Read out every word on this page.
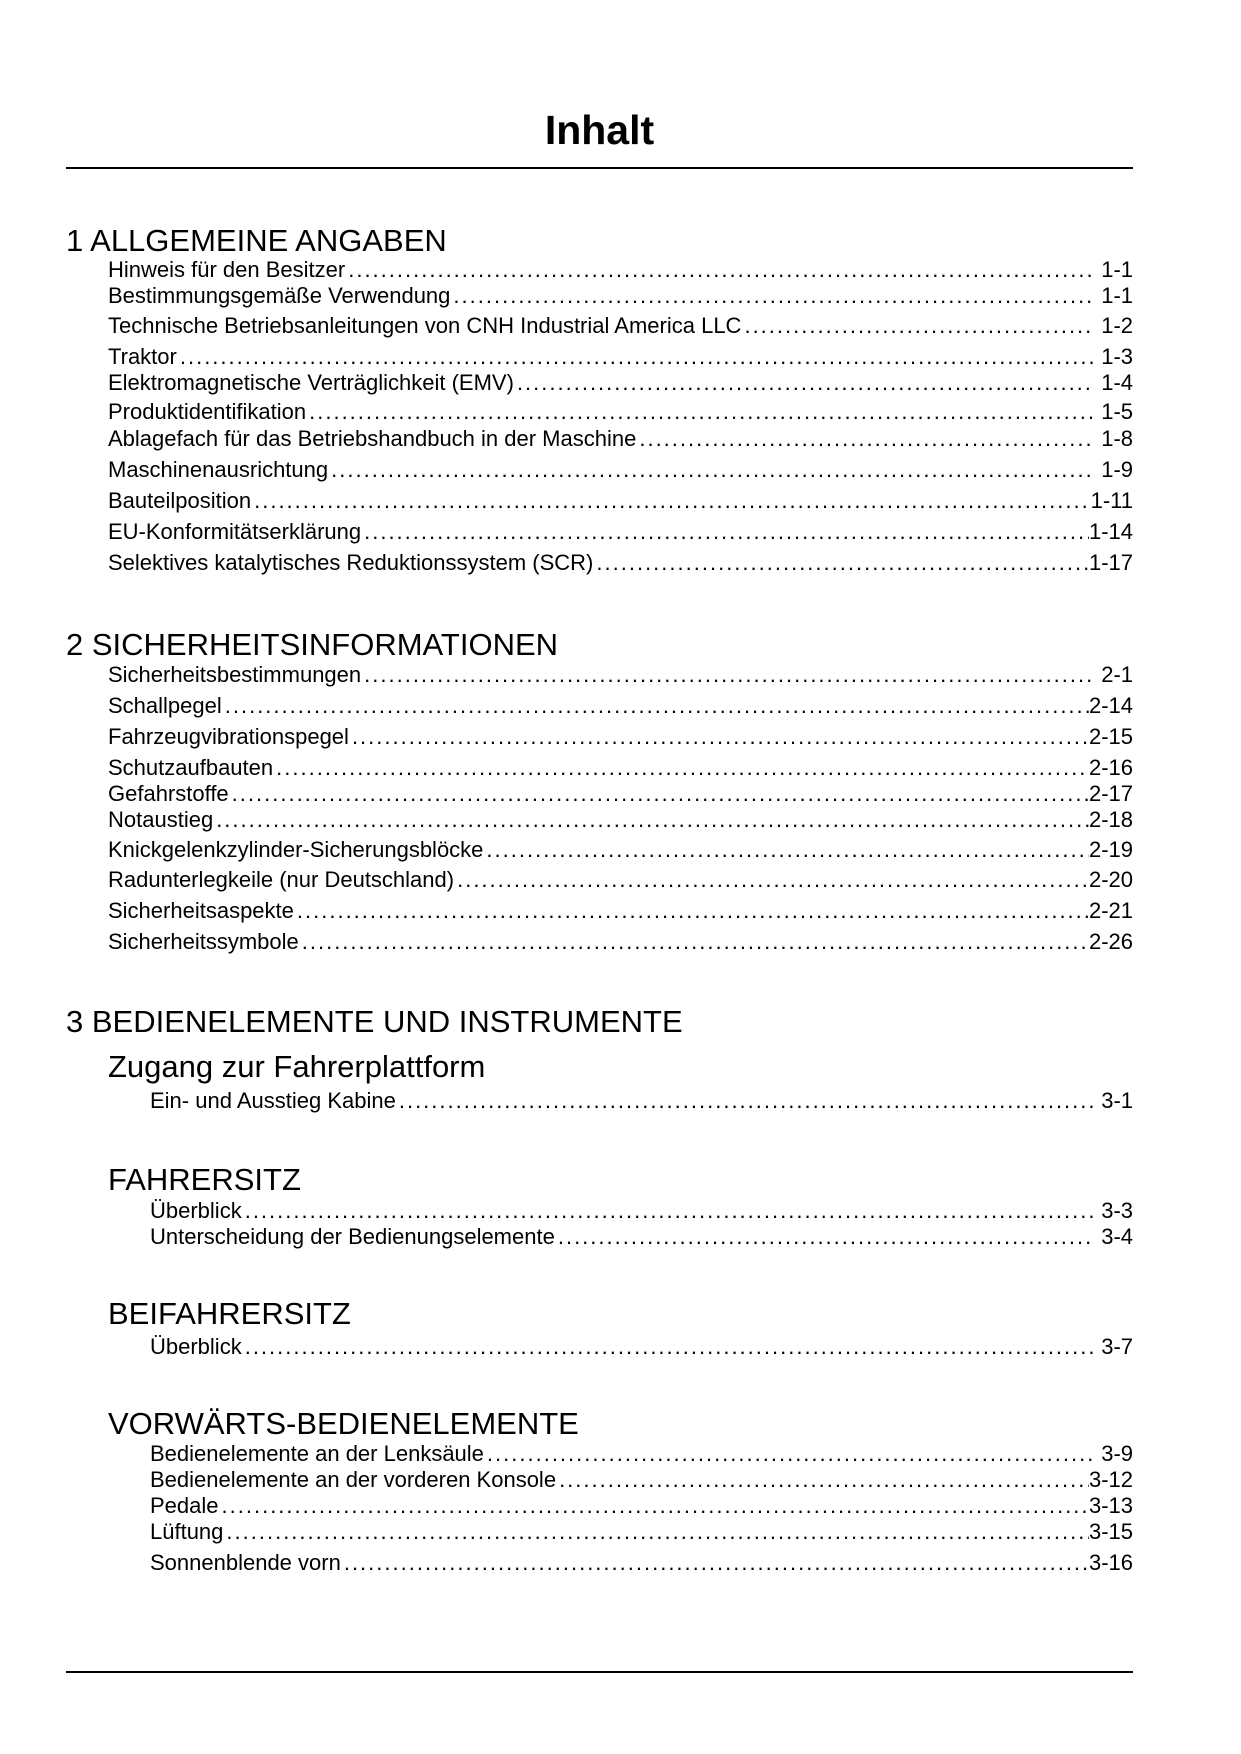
Inhalt
1 ALLGEMEINE ANGABEN
Hinweis für den Besitzer .....	1-1
Bestimmungsgemäße Verwendung .....	1-1
Technische Betriebsanleitungen von CNH Industrial America LLC .....	1-2
Traktor .....	1-3
Elektromagnetische Verträglichkeit (EMV) .....	1-4
Produktidentifikation .....	1-5
Ablagefach für das Betriebshandbuch in der Maschine .....	1-8
Maschinenausrichtung .....	1-9
Bauteilposition .....	1-11
EU-Konformitätserklärung .....	1-14
Selektives katalytisches Reduktionssystem (SCR) .....	1-17
2 SICHERHEITSINFORMATIONEN
Sicherheitsbestimmungen .....	2-1
Schallpegel .....	2-14
Fahrzeugvibrationspegel .....	2-15
Schutzaufbauten .....	2-16
Gefahrstoffe .....	2-17
Notaustieg .....	2-18
Knickgelenkzylinder-Sicherungsblöcke .....	2-19
Radunterlegkeile (nur Deutschland) .....	2-20
Sicherheitsaspekte .....	2-21
Sicherheitssymbole .....	2-26
3 BEDIENELEMENTE UND INSTRUMENTE
Zugang zur Fahrerplattform
Ein- und Ausstieg Kabine .....	3-1
FAHRERSITZ
Überblick .....	3-3
Unterscheidung der Bedienungselemente .....	3-4
BEIFAHRERSITZ
Überblick .....	3-7
VORWÄRTS-BEDIENELEMENTE
Bedienelemente an der Lenksäule .....	3-9
Bedienelemente an der vorderen Konsole .....	3-12
Pedale .....	3-13
Lüftung .....	3-15
Sonnenblende vorn .....	3-16
